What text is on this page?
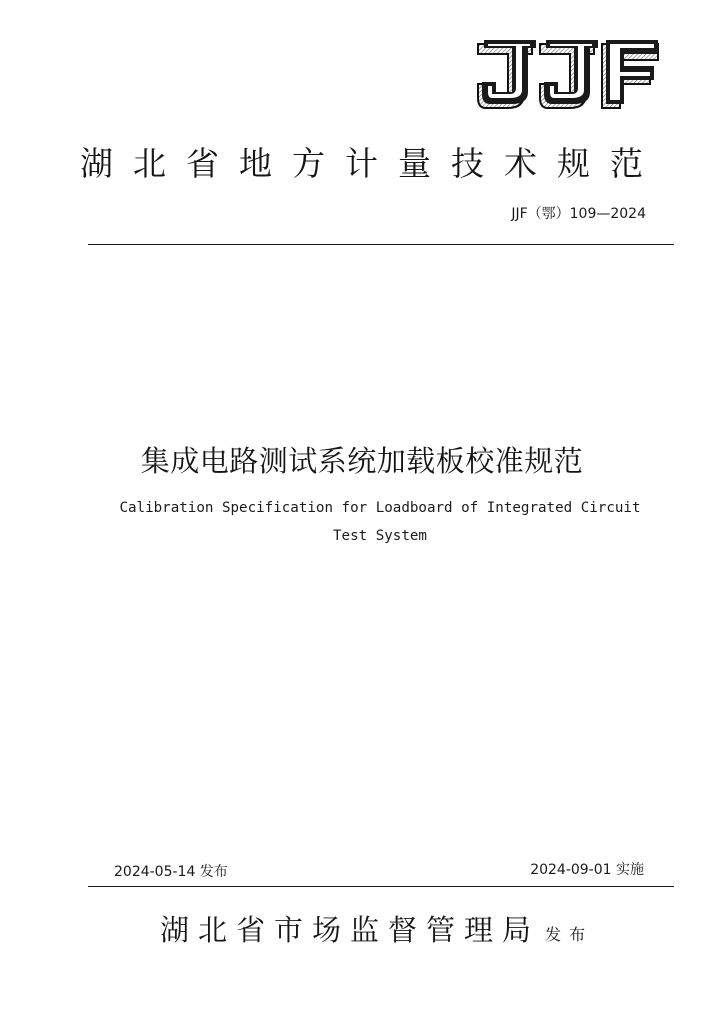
湖北省地方计量技术规范
JJF（鄂）109—2024
集成电路测试系统加载板校准规范

Calibration Specification for Loadboard of Integrated Circuit Test System

2024-05-14 发布	2024-09-01 实施
湖北省市场监督管理局 发布
